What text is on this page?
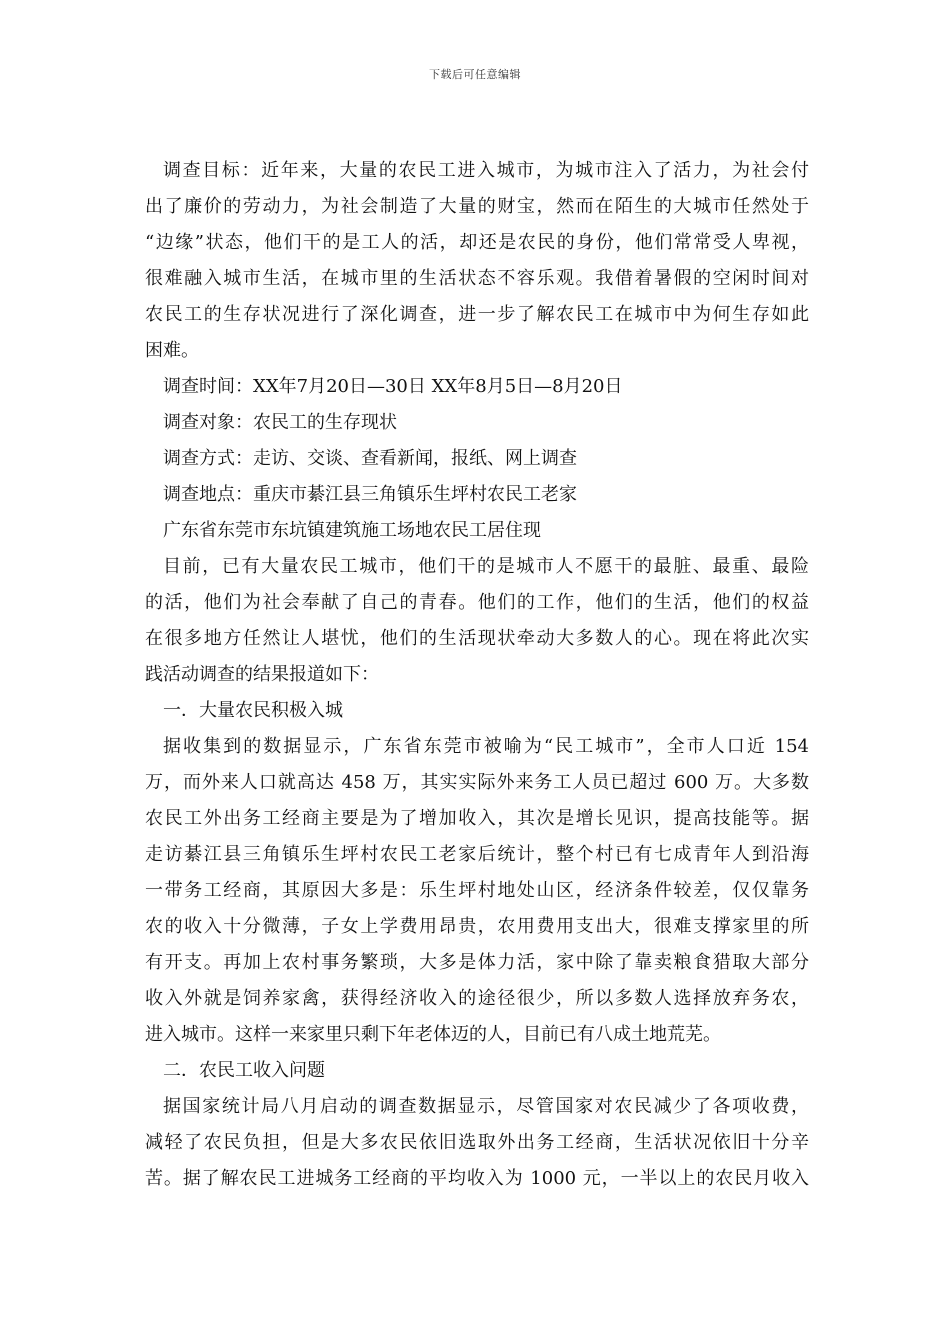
下载后可任意编辑
调查目标：近年来，大量的农民工进入城市，为城市注入了活力，为社会付
出了廉价的劳动力，为社会制造了大量的财宝，然而在陌生的大城市任然处于
“边缘”状态，他们干的是工人的活，却还是农民的身份，他们常常受人卑视，
很难融入城市生活，在城市里的生活状态不容乐观。我借着暑假的空闲时间对
农民工的生存状况进行了深化调查，进一步了解农民工在城市中为何生存如此
困难。
调查时间：XX年7月20日—30日 XX年8月5日—8月20日
调查对象：农民工的生存现状
调查方式：走访、交谈、查看新闻，报纸、网上调查
调查地点：重庆市綦江县三角镇乐生坪村农民工老家
广东省东莞市东坑镇建筑施工场地农民工居住现
目前，已有大量农民工城市，他们干的是城市人不愿干的最脏、最重、最险
的活，他们为社会奉献了自己的青春。他们的工作，他们的生活，他们的权益
在很多地方任然让人堪忧，他们的生活现状牵动大多数人的心。现在将此次实
践活动调查的结果报道如下：
一．大量农民积极入城
据收集到的数据显示，广东省东莞市被喻为“民工城市”，全市人口近 154
万，而外来人口就高达 458 万，其实实际外来务工人员已超过 600 万。大多数
农民工外出务工经商主要是为了增加收入，其次是增长见识，提高技能等。据
走访綦江县三角镇乐生坪村农民工老家后统计，整个村已有七成青年人到沿海
一带务工经商，其原因大多是：乐生坪村地处山区，经济条件较差，仅仅靠务
农的收入十分微薄，子女上学费用昂贵，农用费用支出大，很难支撑家里的所
有开支。再加上农村事务繁琐，大多是体力活，家中除了靠卖粮食猎取大部分
收入外就是饲养家禽，获得经济收入的途径很少，所以多数人选择放弃务农，
进入城市。这样一来家里只剩下年老体迈的人，目前已有八成土地荒芜。
二．农民工收入问题
据国家统计局八月启动的调查数据显示，尽管国家对农民减少了各项收费，
减轻了农民负担，但是大多农民依旧选取外出务工经商，生活状况依旧十分辛
苦。据了解农民工进城务工经商的平均收入为 1000 元，一半以上的农民月收入
